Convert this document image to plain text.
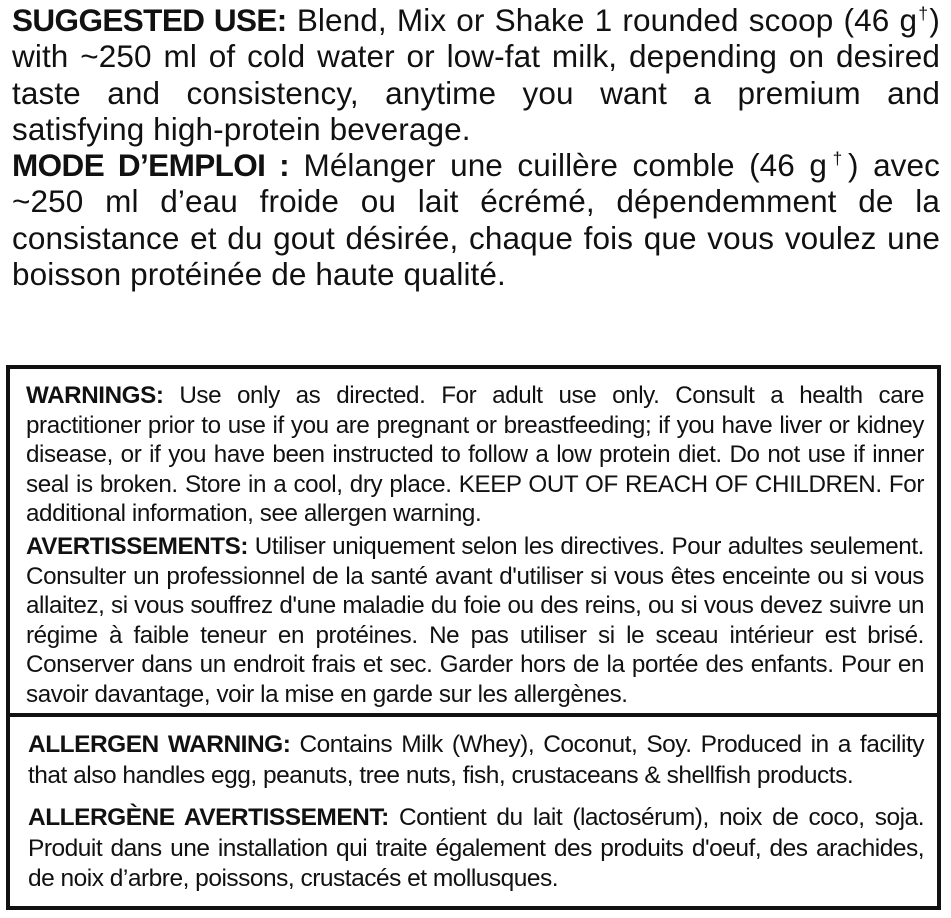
SUGGESTED USE: Blend, Mix or Shake 1 rounded scoop (46 g†) with ~250 ml of cold water or low-fat milk, depending on desired taste and consistency, anytime you want a premium and satisfying high-protein beverage.

MODE D’EMPLOI : Mélanger une cuillère comble (46 g†) avec ~250 ml d’eau froide ou lait écrémé, dépendemment de la consistance et du gout désirée, chaque fois que vous voulez une boisson protéinée de haute qualité.

WARNINGS: Use only as directed. For adult use only. Consult a health care practitioner prior to use if you are pregnant or breastfeeding; if you have liver or kidney disease, or if you have been instructed to follow a low protein diet. Do not use if inner seal is broken. Store in a cool, dry place. KEEP OUT OF REACH OF CHILDREN. For additional information, see allergen warning.

AVERTISSEMENTS: Utiliser uniquement selon les directives. Pour adultes seulement. Consulter un professionnel de la santé avant d'utiliser si vous êtes enceinte ou si vous allaitez, si vous souffrez d'une maladie du foie ou des reins, ou si vous devez suivre un régime à faible teneur en protéines. Ne pas utiliser si le sceau intérieur est brisé. Conserver dans un endroit frais et sec. Garder hors de la portée des enfants. Pour en savoir davantage, voir la mise en garde sur les allergènes.

ALLERGEN WARNING: Contains Milk (Whey), Coconut, Soy. Produced in a facility that also handles egg, peanuts, tree nuts, fish, crustaceans & shellfish products.

ALLERGÈNE AVERTISSEMENT: Contient du lait (lactosérum), noix de coco, soja. Produit dans une installation qui traite également des produits d'oeuf, des arachides, de noix d’arbre, poissons, crustacés et mollusques.
